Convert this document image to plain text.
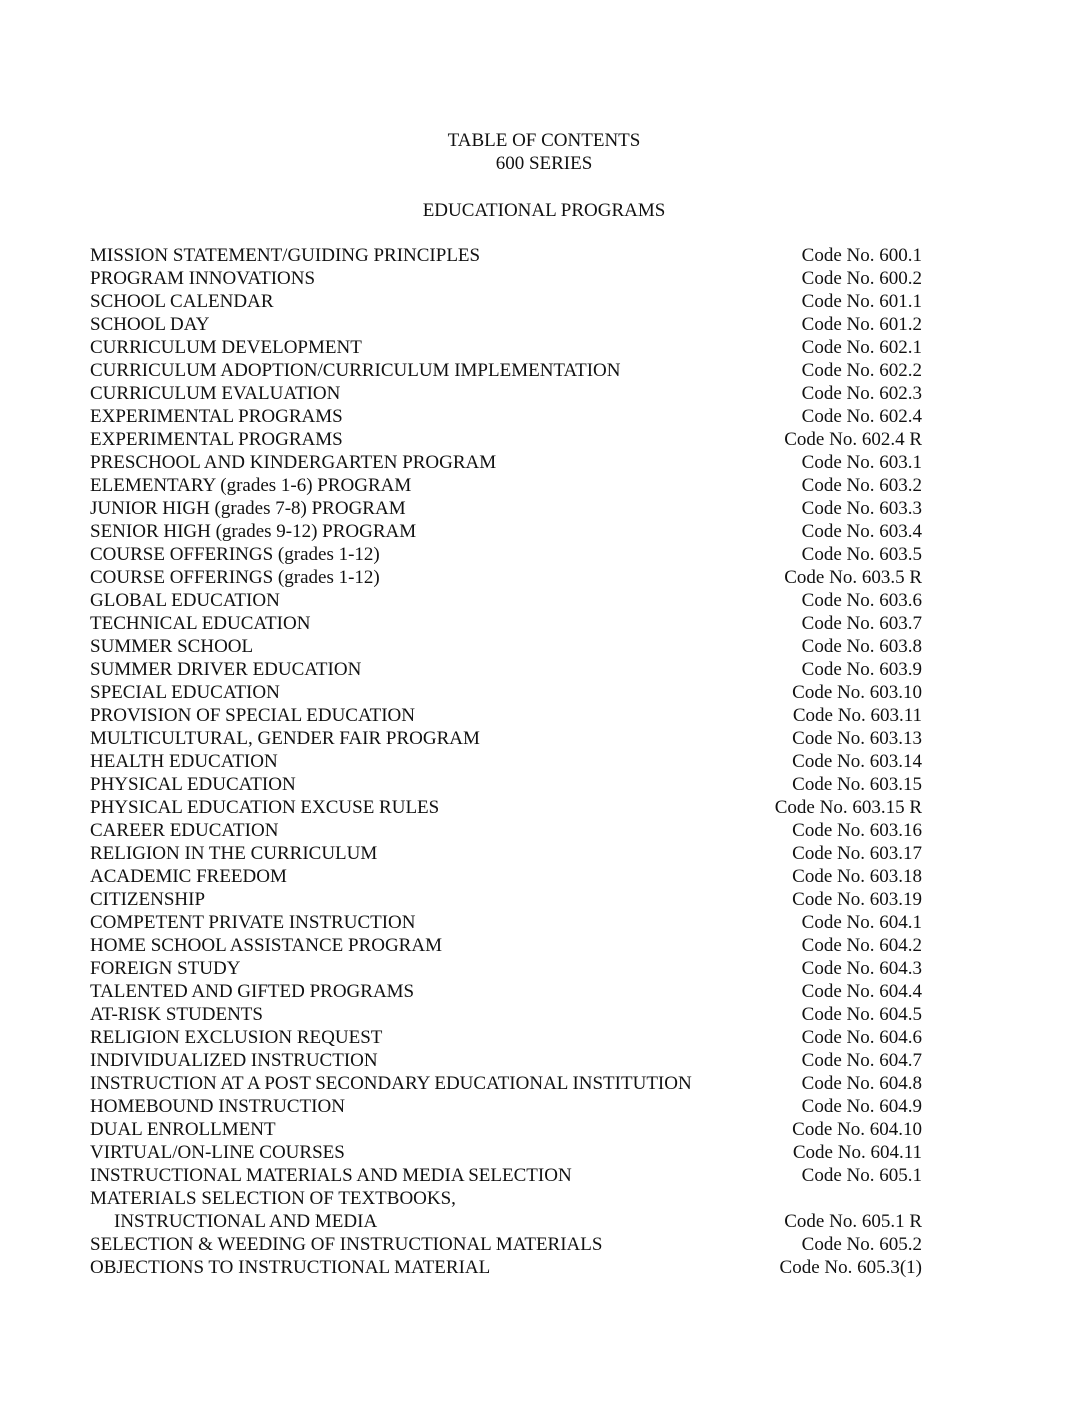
TABLE OF CONTENTS
600 SERIES
EDUCATIONAL PROGRAMS
MISSION STATEMENT/GUIDING PRINCIPLES	Code No. 600.1
PROGRAM INNOVATIONS	Code No. 600.2
SCHOOL CALENDAR	Code No. 601.1
SCHOOL DAY	Code No. 601.2
CURRICULUM DEVELOPMENT	Code No. 602.1
CURRICULUM ADOPTION/CURRICULUM IMPLEMENTATION	Code No. 602.2
CURRICULUM EVALUATION	Code No. 602.3
EXPERIMENTAL PROGRAMS	Code No. 602.4
EXPERIMENTAL PROGRAMS	Code No. 602.4 R
PRESCHOOL AND KINDERGARTEN PROGRAM	Code No. 603.1
ELEMENTARY (grades 1-6) PROGRAM	Code No. 603.2
JUNIOR HIGH (grades 7-8) PROGRAM	Code No. 603.3
SENIOR HIGH (grades 9-12) PROGRAM	Code No. 603.4
COURSE OFFERINGS (grades 1-12)	Code No. 603.5
COURSE OFFERINGS (grades 1-12)	Code No. 603.5 R
GLOBAL EDUCATION	Code No. 603.6
TECHNICAL EDUCATION	Code No. 603.7
SUMMER SCHOOL	Code No. 603.8
SUMMER DRIVER EDUCATION	Code No. 603.9
SPECIAL EDUCATION	Code No. 603.10
PROVISION OF SPECIAL EDUCATION	Code No. 603.11
MULTICULTURAL, GENDER FAIR PROGRAM	Code No. 603.13
HEALTH EDUCATION	Code No. 603.14
PHYSICAL EDUCATION	Code No. 603.15
PHYSICAL EDUCATION EXCUSE RULES	Code No. 603.15 R
CAREER EDUCATION	Code No. 603.16
RELIGION IN THE CURRICULUM	Code No. 603.17
ACADEMIC FREEDOM	Code No. 603.18
CITIZENSHIP	Code No. 603.19
COMPETENT PRIVATE INSTRUCTION	Code No. 604.1
HOME SCHOOL ASSISTANCE PROGRAM	Code No. 604.2
FOREIGN STUDY	Code No. 604.3
TALENTED AND GIFTED PROGRAMS	Code No. 604.4
AT-RISK STUDENTS	Code No. 604.5
RELIGION EXCLUSION REQUEST	Code No. 604.6
INDIVIDUALIZED INSTRUCTION	Code No. 604.7
INSTRUCTION AT A POST SECONDARY EDUCATIONAL INSTITUTION	Code No. 604.8
HOMEBOUND INSTRUCTION	Code No. 604.9
DUAL ENROLLMENT	Code No. 604.10
VIRTUAL/ON-LINE COURSES	Code No. 604.11
INSTRUCTIONAL MATERIALS AND MEDIA SELECTION	Code No. 605.1
MATERIALS SELECTION OF TEXTBOOKS,
INSTRUCTIONAL AND MEDIA	Code No. 605.1 R
SELECTION & WEEDING OF INSTRUCTIONAL MATERIALS	Code No. 605.2
OBJECTIONS TO INSTRUCTIONAL MATERIAL	Code No. 605.3(1)
